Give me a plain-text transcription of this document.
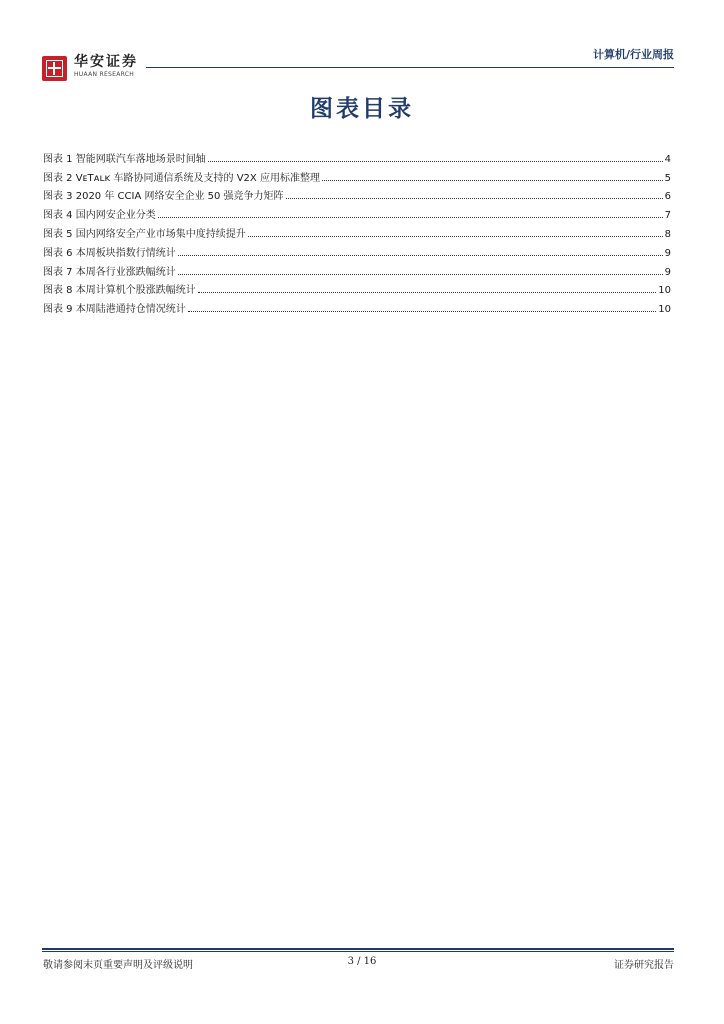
华安证券
HUAAN RESEARCH
计算机/行业周报
图表目录
图表 1 智能网联汽车落地场景时间轴	4
图表 2 VᴇTᴀʟᴋ 车路协同通信系统及支持的 V2X 应用标准整理	5
图表 3 2020 年 CCIA 网络安全企业 50 强竞争力矩阵	6
图表 4 国内网安企业分类	7
图表 5 国内网络安全产业市场集中度持续提升	8
图表 6 本周板块指数行情统计	9
图表 7 本周各行业涨跌幅统计	9
图表 8 本周计算机个股涨跌幅统计	10
图表 9 本周陆港通持仓情况统计	10
敬请参阅末页重要声明及评级说明	3 / 16	证券研究报告
